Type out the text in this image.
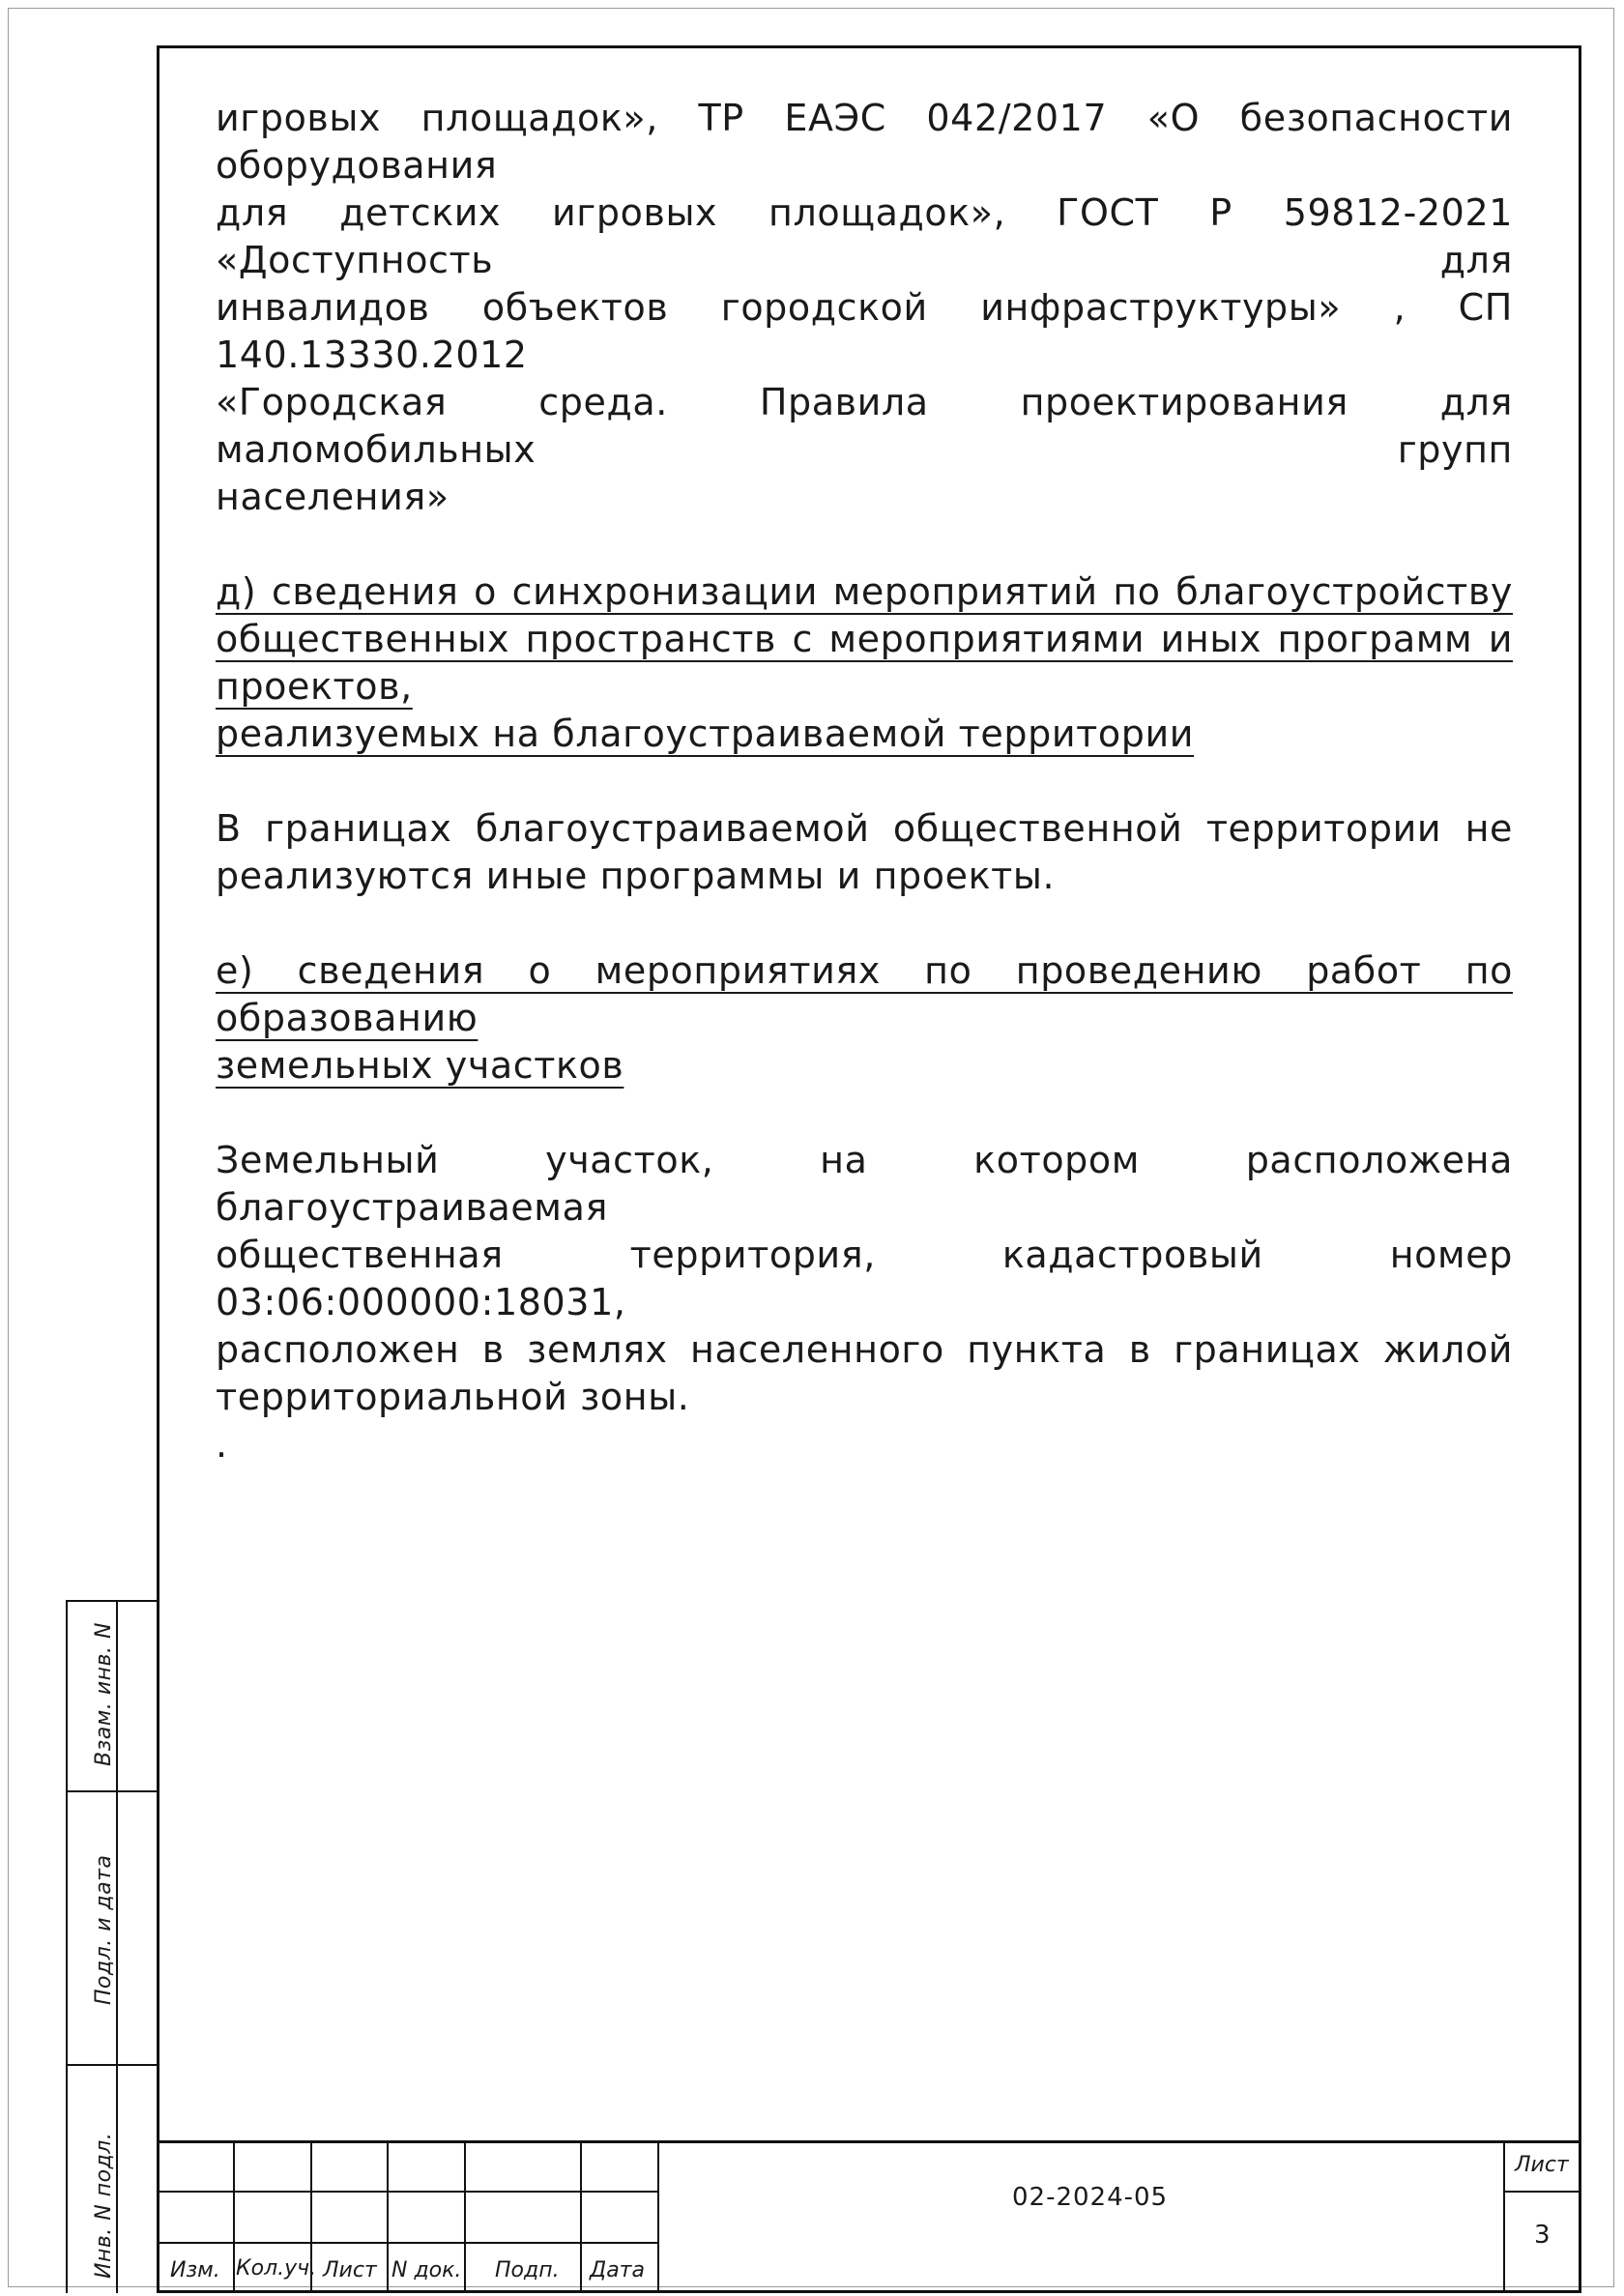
игровых площадок», ТР ЕАЭС 042/2017 «О безопасности оборудования

для детских игровых площадок», ГОСТ Р 59812-2021 «Доступность для

инвалидов объектов городской инфраструктуры» , СП 140.13330.2012

«Городская среда. Правила проектирования для маломобильных групп

населения»

д) сведения о синхронизации мероприятий по благоустройству
общественных пространств с мероприятиями иных программ и проектов,
реализуемых на благоустраиваемой территории

В границах благоустраиваемой общественной территории не

реализуются иные программы и проекты.

е) сведения о мероприятиях по проведению работ по образованию
земельных участков

Земельный участок, на котором расположена благоустраиваемая

общественная территория, кадастровый номер 03:06:000000:18031,

расположен в землях населенного пункта в границах жилой

территориальной зоны.

.

Взам. инв. N
Подл. и дата
Инв. N подл.	Изм. Кол.уч. Лист N док. Подп. Дата
02-2024-05
Лист
3
